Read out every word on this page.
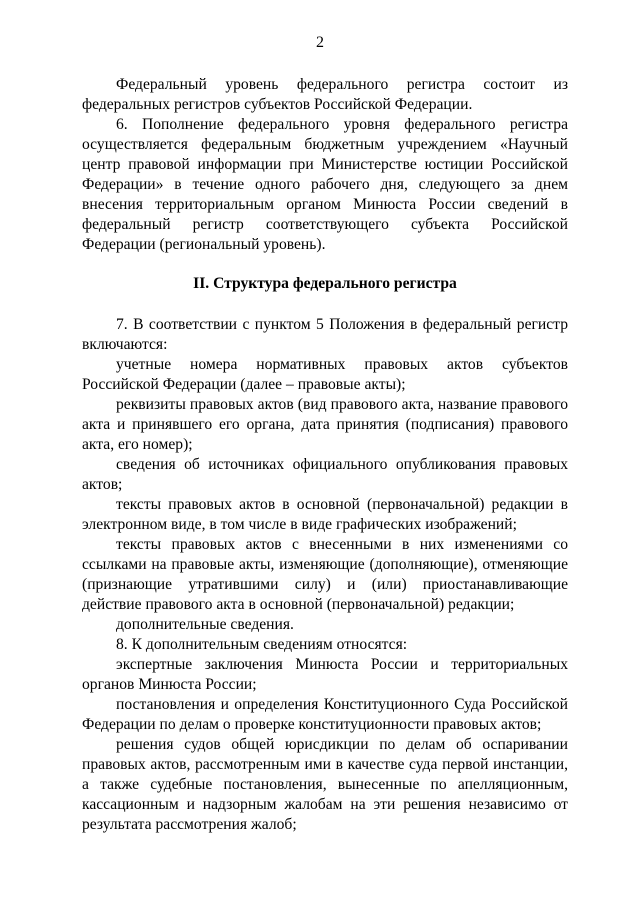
2

Федеральный уровень федерального регистра состоит из федеральных регистров субъектов Российской Федерации.

6. Пополнение федерального уровня федерального регистра осуществляется федеральным бюджетным учреждением «Научный центр правовой информации при Министерстве юстиции Российской Федерации» в течение одного рабочего дня, следующего за днем внесения территориальным органом Минюста России сведений в федеральный регистр соответствующего субъекта Российской Федерации (региональный уровень).

II. Структура федерального регистра

7. В соответствии с пунктом 5 Положения в федеральный регистр включаются:

учетные номера нормативных правовых актов субъектов Российской Федерации (далее – правовые акты);

реквизиты правовых актов (вид правового акта, название правового акта и принявшего его органа, дата принятия (подписания) правового акта, его номер);

сведения об источниках официального опубликования правовых актов;

тексты правовых актов в основной (первоначальной) редакции в электронном виде, в том числе в виде графических изображений;

тексты правовых актов с внесенными в них изменениями со ссылками на правовые акты, изменяющие (дополняющие), отменяющие (признающие утратившими силу) и (или) приостанавливающие действие правового акта в основной (первоначальной) редакции;

дополнительные сведения.

8. К дополнительным сведениям относятся:

экспертные заключения Минюста России и территориальных органов Минюста России;

постановления и определения Конституционного Суда Российской Федерации по делам о проверке конституционности правовых актов;

решения судов общей юрисдикции по делам об оспаривании правовых актов, рассмотренным ими в качестве суда первой инстанции, а также судебные постановления, вынесенные по апелляционным, кассационным и надзорным жалобам на эти решения независимо от результата рассмотрения жалоб;
